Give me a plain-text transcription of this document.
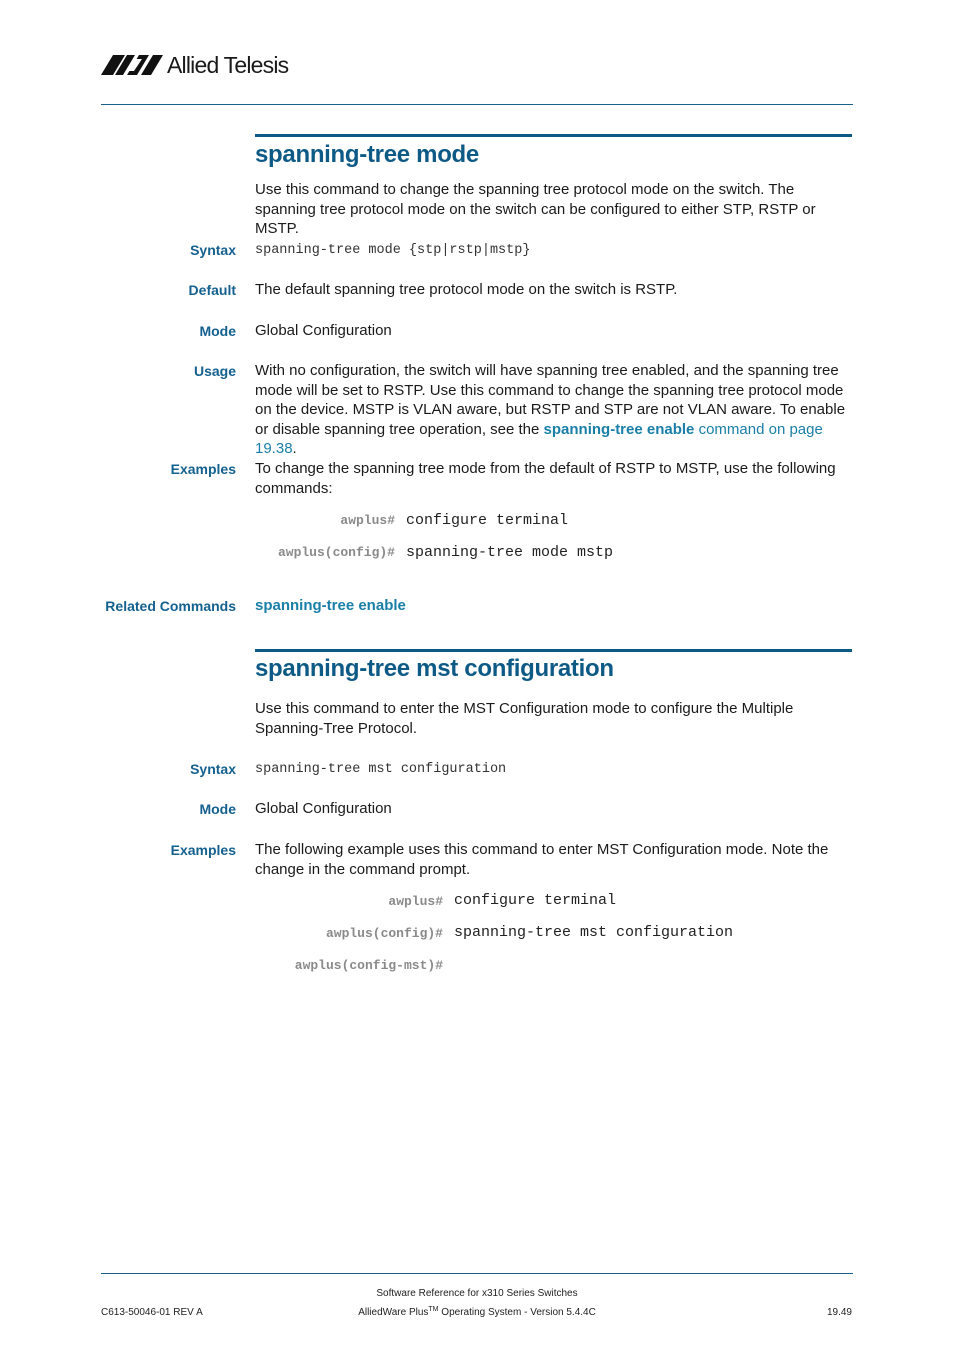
Allied Telesis
spanning-tree mode
Use this command to change the spanning tree protocol mode on the switch. The spanning tree protocol mode on the switch can be configured to either STP, RSTP or MSTP.
Syntax spanning-tree mode {stp|rstp|mstp}
Default The default spanning tree protocol mode on the switch is RSTP.
Mode Global Configuration
Usage With no configuration, the switch will have spanning tree enabled, and the spanning tree mode will be set to RSTP. Use this command to change the spanning tree protocol mode on the device. MSTP is VLAN aware, but RSTP and STP are not VLAN aware. To enable or disable spanning tree operation, see the spanning-tree enable command on page 19.38.
Examples To change the spanning tree mode from the default of RSTP to MSTP, use the following commands:
awplus# configure terminal
awplus(config)# spanning-tree mode mstp
Related Commands spanning-tree enable
spanning-tree mst configuration
Use this command to enter the MST Configuration mode to configure the Multiple Spanning-Tree Protocol.
Syntax spanning-tree mst configuration
Mode Global Configuration
Examples The following example uses this command to enter MST Configuration mode. Note the change in the command prompt.
awplus# configure terminal
awplus(config)# spanning-tree mst configuration
awplus(config-mst)#
Software Reference for x310 Series Switches
C613-50046-01 REV A	AlliedWare Plus™ Operating System - Version 5.4.4C	19.49
